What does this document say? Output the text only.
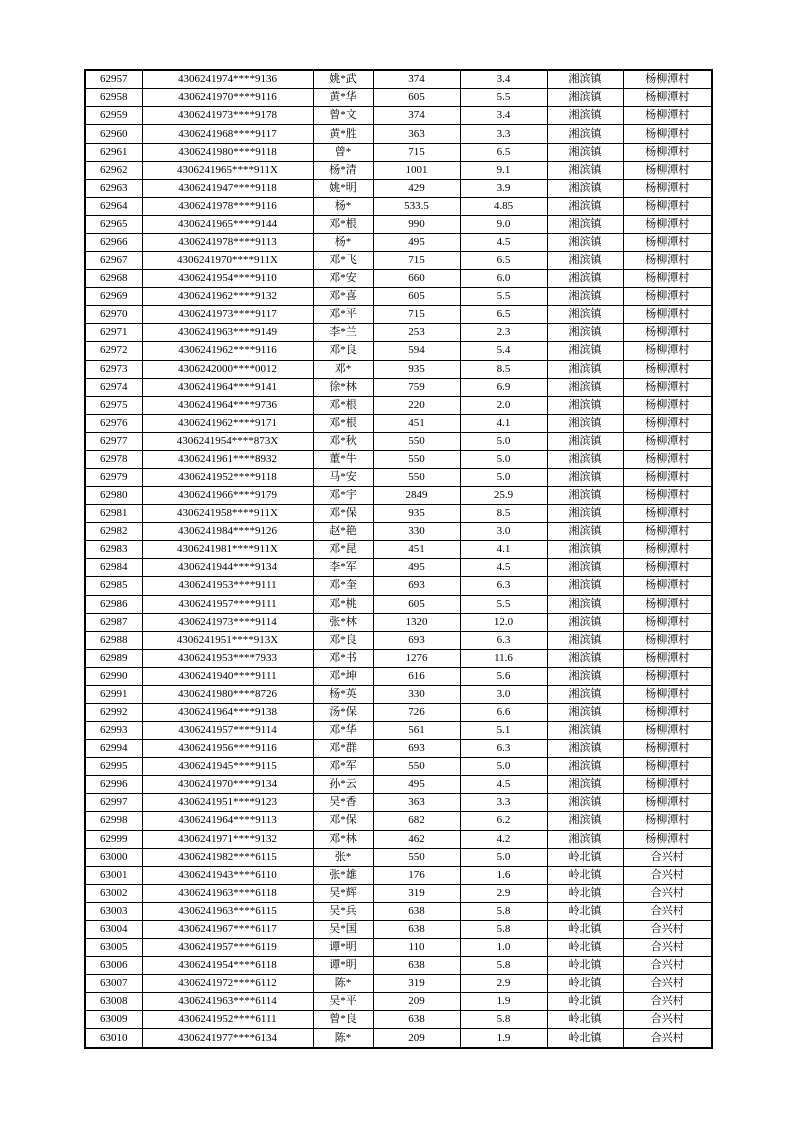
62957	4306241974****9136	姚*武	374	3.4	湘滨镇	杨柳潭村
62958	4306241970****9116	黄*华	605	5.5	湘滨镇	杨柳潭村
62959	4306241973****9178	曾*文	374	3.4	湘滨镇	杨柳潭村
62960	4306241968****9117	黄*胜	363	3.3	湘滨镇	杨柳潭村
62961	4306241980****9118	曾*	715	6.5	湘滨镇	杨柳潭村
62962	4306241965****911X	杨*清	1001	9.1	湘滨镇	杨柳潭村
62963	4306241947****9118	姚*明	429	3.9	湘滨镇	杨柳潭村
62964	4306241978****9116	杨*	533.5	4.85	湘滨镇	杨柳潭村
62965	4306241965****9144	邓*根	990	9.0	湘滨镇	杨柳潭村
62966	4306241978****9113	杨*	495	4.5	湘滨镇	杨柳潭村
62967	4306241970****911X	邓*飞	715	6.5	湘滨镇	杨柳潭村
62968	4306241954****9110	邓*安	660	6.0	湘滨镇	杨柳潭村
62969	4306241962****9132	邓*喜	605	5.5	湘滨镇	杨柳潭村
62970	4306241973****9117	邓*平	715	6.5	湘滨镇	杨柳潭村
62971	4306241963****9149	李*兰	253	2.3	湘滨镇	杨柳潭村
62972	4306241962****9116	邓*良	594	5.4	湘滨镇	杨柳潭村
62973	4306242000****0012	邓*	935	8.5	湘滨镇	杨柳潭村
62974	4306241964****9141	徐*林	759	6.9	湘滨镇	杨柳潭村
62975	4306241964****9736	邓*根	220	2.0	湘滨镇	杨柳潭村
62976	4306241962****9171	邓*根	451	4.1	湘滨镇	杨柳潭村
62977	4306241954****873X	邓*秋	550	5.0	湘滨镇	杨柳潭村
62978	4306241961****8932	董*牛	550	5.0	湘滨镇	杨柳潭村
62979	4306241952****9118	马*安	550	5.0	湘滨镇	杨柳潭村
62980	4306241966****9179	邓*宇	2849	25.9	湘滨镇	杨柳潭村
62981	4306241958****911X	邓*保	935	8.5	湘滨镇	杨柳潭村
62982	4306241984****9126	赵*艳	330	3.0	湘滨镇	杨柳潭村
62983	4306241981****911X	邓*昆	451	4.1	湘滨镇	杨柳潭村
62984	4306241944****9134	李*军	495	4.5	湘滨镇	杨柳潭村
62985	4306241953****9111	邓*奎	693	6.3	湘滨镇	杨柳潭村
62986	4306241957****9111	邓*桃	605	5.5	湘滨镇	杨柳潭村
62987	4306241973****9114	张*林	1320	12.0	湘滨镇	杨柳潭村
62988	4306241951****913X	邓*良	693	6.3	湘滨镇	杨柳潭村
62989	4306241953****7933	邓*书	1276	11.6	湘滨镇	杨柳潭村
62990	4306241940****9111	邓*坤	616	5.6	湘滨镇	杨柳潭村
62991	4306241980****8726	杨*英	330	3.0	湘滨镇	杨柳潭村
62992	4306241964****9138	汤*保	726	6.6	湘滨镇	杨柳潭村
62993	4306241957****9114	邓*华	561	5.1	湘滨镇	杨柳潭村
62994	4306241956****9116	邓*群	693	6.3	湘滨镇	杨柳潭村
62995	4306241945****9115	邓*军	550	5.0	湘滨镇	杨柳潭村
62996	4306241970****9134	孙*云	495	4.5	湘滨镇	杨柳潭村
62997	4306241951****9123	吴*香	363	3.3	湘滨镇	杨柳潭村
62998	4306241964****9113	邓*保	682	6.2	湘滨镇	杨柳潭村
62999	4306241971****9132	邓*林	462	4.2	湘滨镇	杨柳潭村
63000	4306241982****6115	张*	550	5.0	岭北镇	合兴村
63001	4306241943****6110	张*雄	176	1.6	岭北镇	合兴村
63002	4306241963****6118	吴*辉	319	2.9	岭北镇	合兴村
63003	4306241963****6115	吴*兵	638	5.8	岭北镇	合兴村
63004	4306241967****6117	吴*国	638	5.8	岭北镇	合兴村
63005	4306241957****6119	谭*明	110	1.0	岭北镇	合兴村
63006	4306241954****6118	谭*明	638	5.8	岭北镇	合兴村
63007	4306241972****6112	陈*	319	2.9	岭北镇	合兴村
63008	4306241963****6114	吴*平	209	1.9	岭北镇	合兴村
63009	4306241952****6111	曾*良	638	5.8	岭北镇	合兴村
63010	4306241977****6134	陈*	209	1.9	岭北镇	合兴村
